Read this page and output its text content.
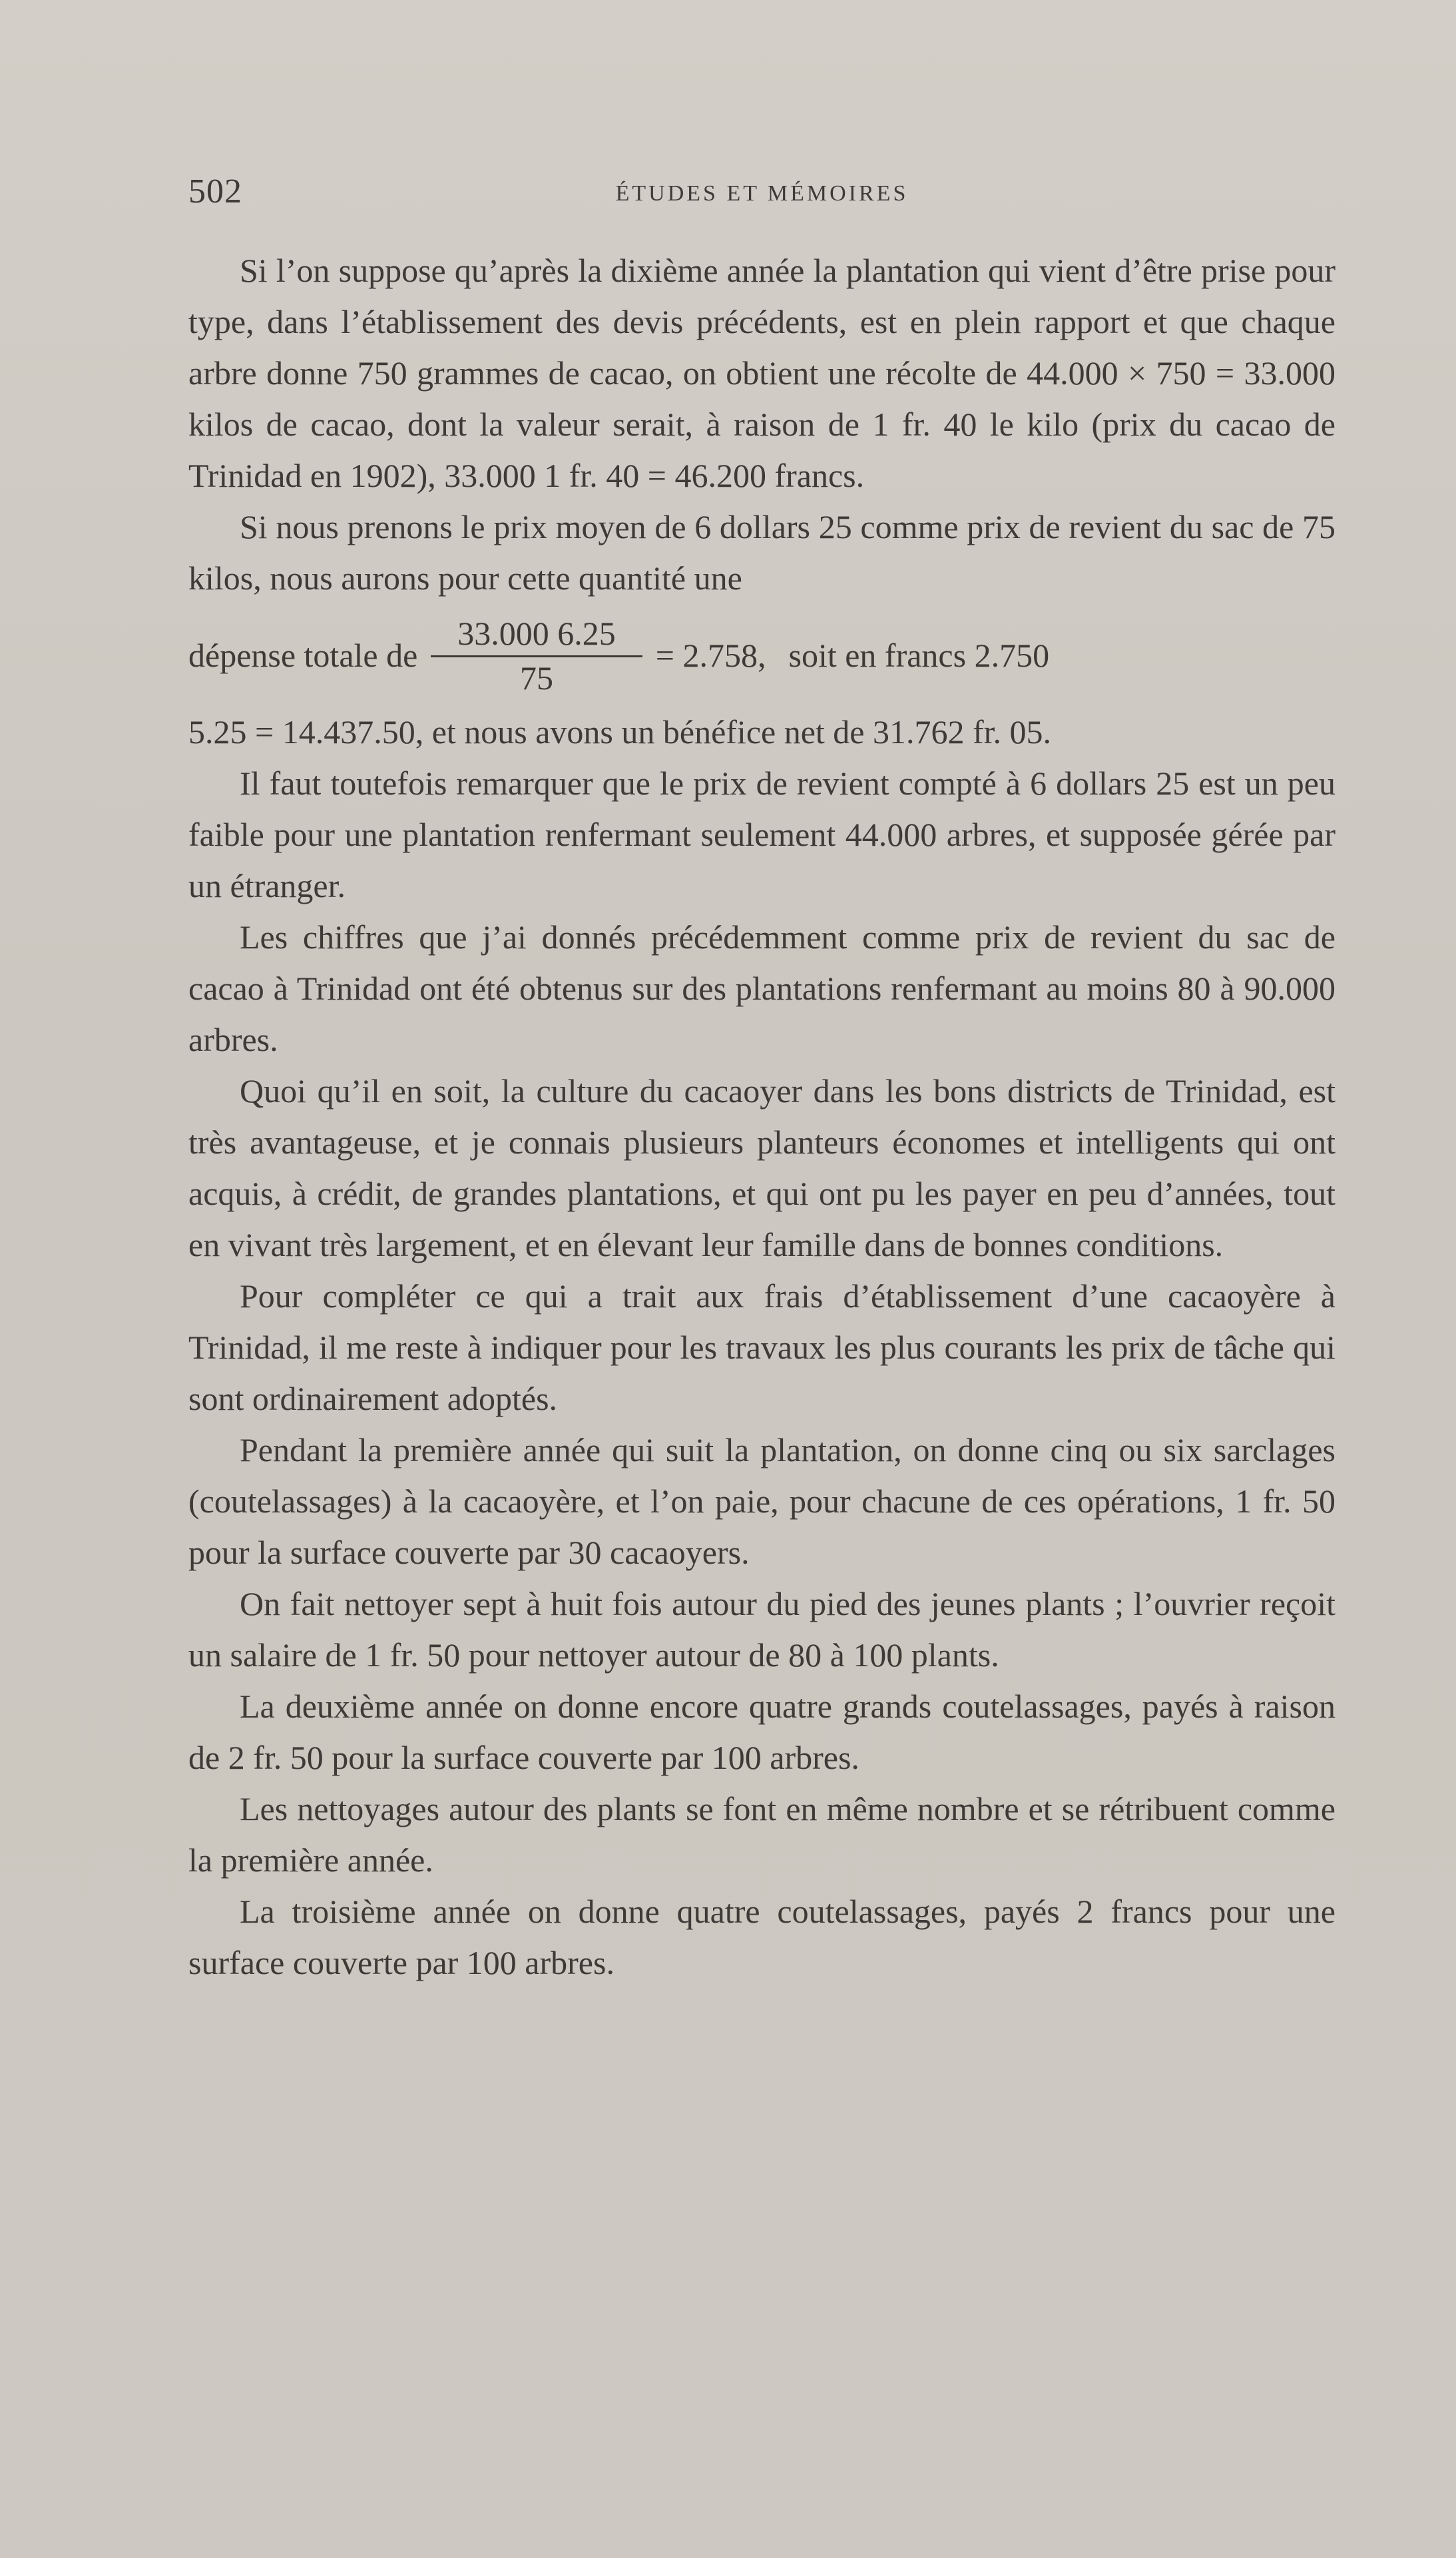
502	ÉTUDES ET MÉMOIRES

Si l’on suppose qu’après la dixième année la plantation qui vient d’être prise pour type, dans l’établissement des devis précédents, est en plein rapport et que chaque arbre donne 750 grammes de cacao, on obtient une récolte de 44.000 × 750 = 33.000 kilos de cacao, dont la valeur serait, à raison de 1 fr. 40 le kilo (prix du cacao de Trinidad en 1902), 33.000 1 fr. 40 = 46.200 francs.

Si nous prenons le prix moyen de 6 dollars 25 comme prix de revient du sac de 75 kilos, nous aurons pour cette quantité une

dépense totale de $\frac{33.000 6.25}{75} = 2.758$, soit en francs 2.750

5.25 = 14.437.50, et nous avons un bénéfice net de 31.762 fr. 05.

Il faut toutefois remarquer que le prix de revient compté à 6 dollars 25 est un peu faible pour une plantation renfermant seulement 44.000 arbres, et supposée gérée par un étranger.

Les chiffres que j’ai donnés précédemment comme prix de revient du sac de cacao à Trinidad ont été obtenus sur des plantations renfermant au moins 80 à 90.000 arbres.

Quoi qu’il en soit, la culture du cacaoyer dans les bons districts de Trinidad, est très avantageuse, et je connais plusieurs planteurs économes et intelligents qui ont acquis, à crédit, de grandes plantations, et qui ont pu les payer en peu d’années, tout en vivant très largement, et en élevant leur famille dans de bonnes conditions.

Pour compléter ce qui a trait aux frais d’établissement d’une cacaoyère à Trinidad, il me reste à indiquer pour les travaux les plus courants les prix de tâche qui sont ordinairement adoptés.

Pendant la première année qui suit la plantation, on donne cinq ou six sarclages (coutelassages) à la cacaoyère, et l’on paie, pour chacune de ces opérations, 1 fr. 50 pour la surface couverte par 30 cacaoyers.

On fait nettoyer sept à huit fois autour du pied des jeunes plants ; l’ouvrier reçoit un salaire de 1 fr. 50 pour nettoyer autour de 80 à 100 plants.

La deuxième année on donne encore quatre grands coutelassages, payés à raison de 2 fr. 50 pour la surface couverte par 100 arbres.

Les nettoyages autour des plants se font en même nombre et se rétribuent comme la première année.

La troisième année on donne quatre coutelassages, payés 2 francs pour une surface couverte par 100 arbres.
